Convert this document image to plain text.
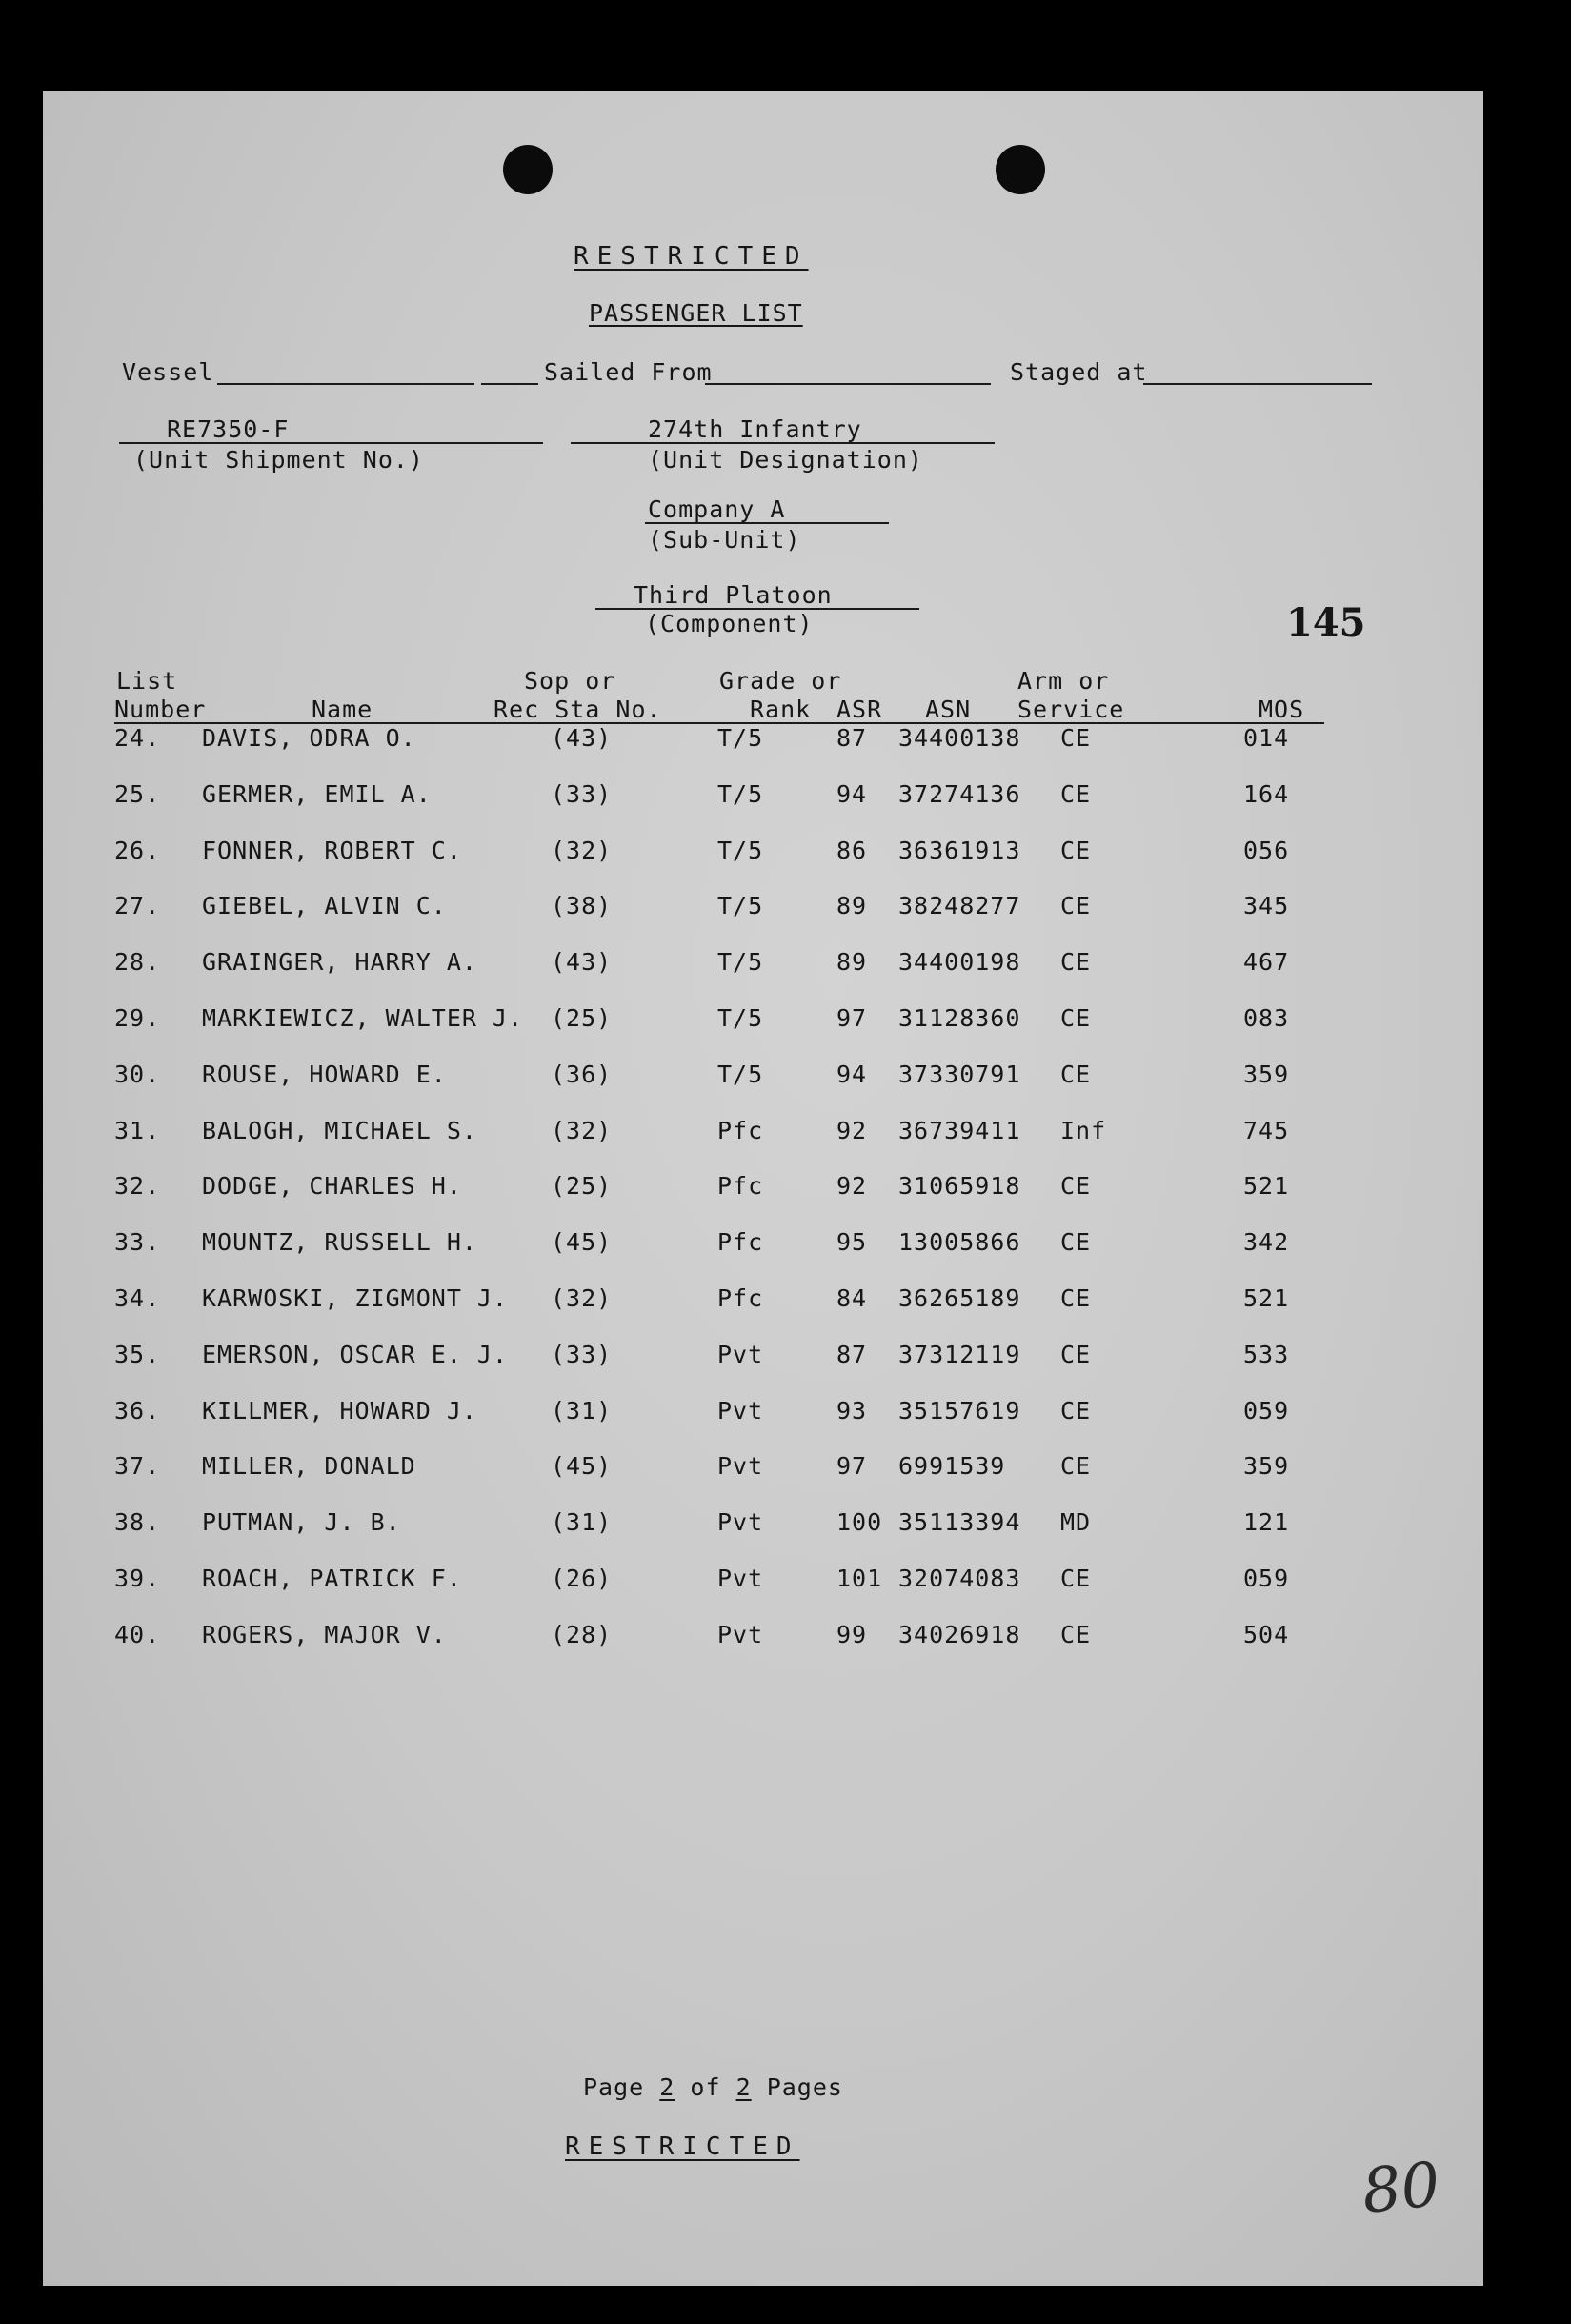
RESTRICTED
PASSENGER LIST
Vessel	Sailed From	Staged at
RE7350-F
(Unit Shipment No.)
274th Infantry
(Unit Designation)
Company A
(Sub-Unit)
Third Platoon
(Component)	145
List
Number	Name
Sop or
Rec Sta No.
Grade or
Rank ASR ASN
Arm or
Service	MOS
24. DAVIS, ODRA O.	(43)	T/5	87 34400138 CE	014
25. GERMER, EMIL A.	(33)	T/5	94 37274136 CE	164
26. FONNER, ROBERT C.	(32)	T/5	86 36361913 CE	056
27. GIEBEL, ALVIN C.	(38)	T/5	89 38248277 CE	345
28. GRAINGER, HARRY A.	(43)	T/5	89 34400198 CE	467
29. MARKIEWICZ, WALTER J. (25)	T/5	97 31128360 CE	083
30. ROUSE, HOWARD E.	(36)	T/5	94 37330791 CE	359
31. BALOGH, MICHAEL S.	(32)	Pfc	92 36739411 Inf	745
32. DODGE, CHARLES H.	(25)	Pfc	92 31065918 CE	521
33. MOUNTZ, RUSSELL H.	(45)	Pfc	95 13005866 CE	342
34. KARWOSKI, ZIGMONT J. (32)	Pfc	84 36265189 CE	521
35. EMERSON, OSCAR E. J. (33)	Pvt	87 37312119 CE	533
36. KILLMER, HOWARD J.	(31)	Pvt	93 35157619 CE	059
37. MILLER, DONALD	(45)	Pvt	97 6991539 CE	359
38. PUTMAN, J. B.	(31)	Pvt	100 35113394 MD	121
39. ROACH, PATRICK F.	(26)	Pvt	101 32074083 CE	059
40. ROGERS, MAJOR V.	(28)	Pvt	99 34026918 CE	504
Page 2 of 2 Pages
RESTRICTED
80
